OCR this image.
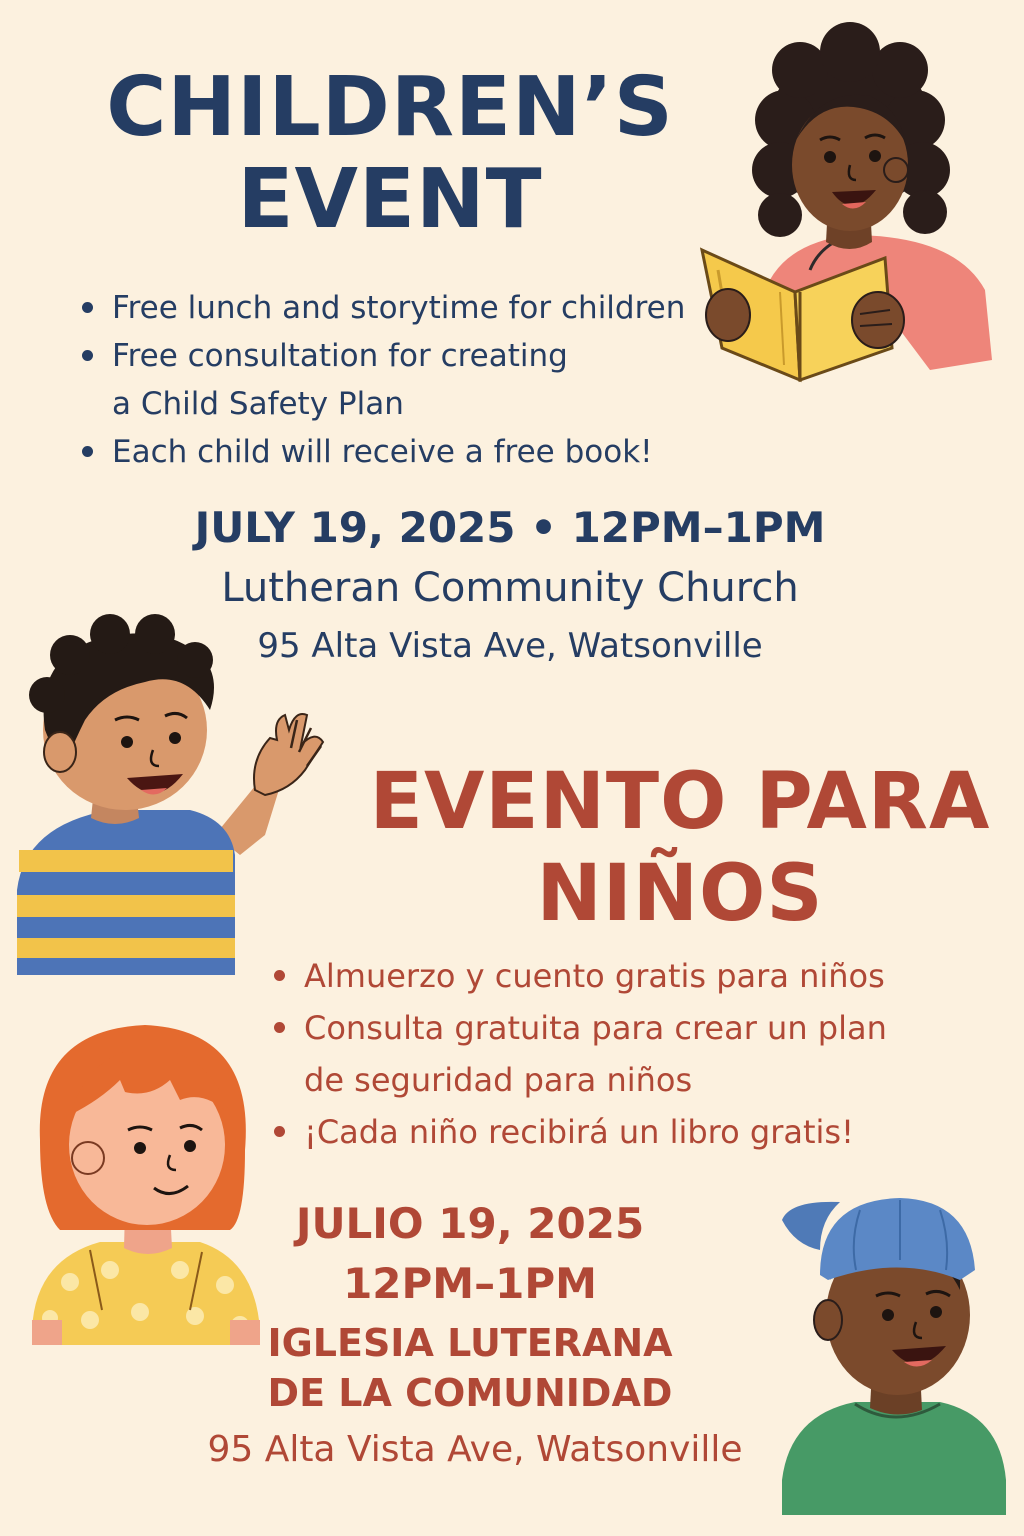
CHILDREN’S
EVENT
Free lunch and storytime for children
Free consultation for creating
a Child Safety Plan
Each child will receive a free book!
JULY 19, 2025 • 12PM–1PM
Lutheran Community Church
95 Alta Vista Ave, Watsonville
EVENTO PARA
NIÑOS
Almuerzo y cuento gratis para niños
Consulta gratuita para crear un plan
de seguridad para niños
¡Cada niño recibirá un libro gratis!
JULIO 19, 2025
12PM–1PM
IGLESIA LUTERANA
DE LA COMUNIDAD
95 Alta Vista Ave, Watsonville
